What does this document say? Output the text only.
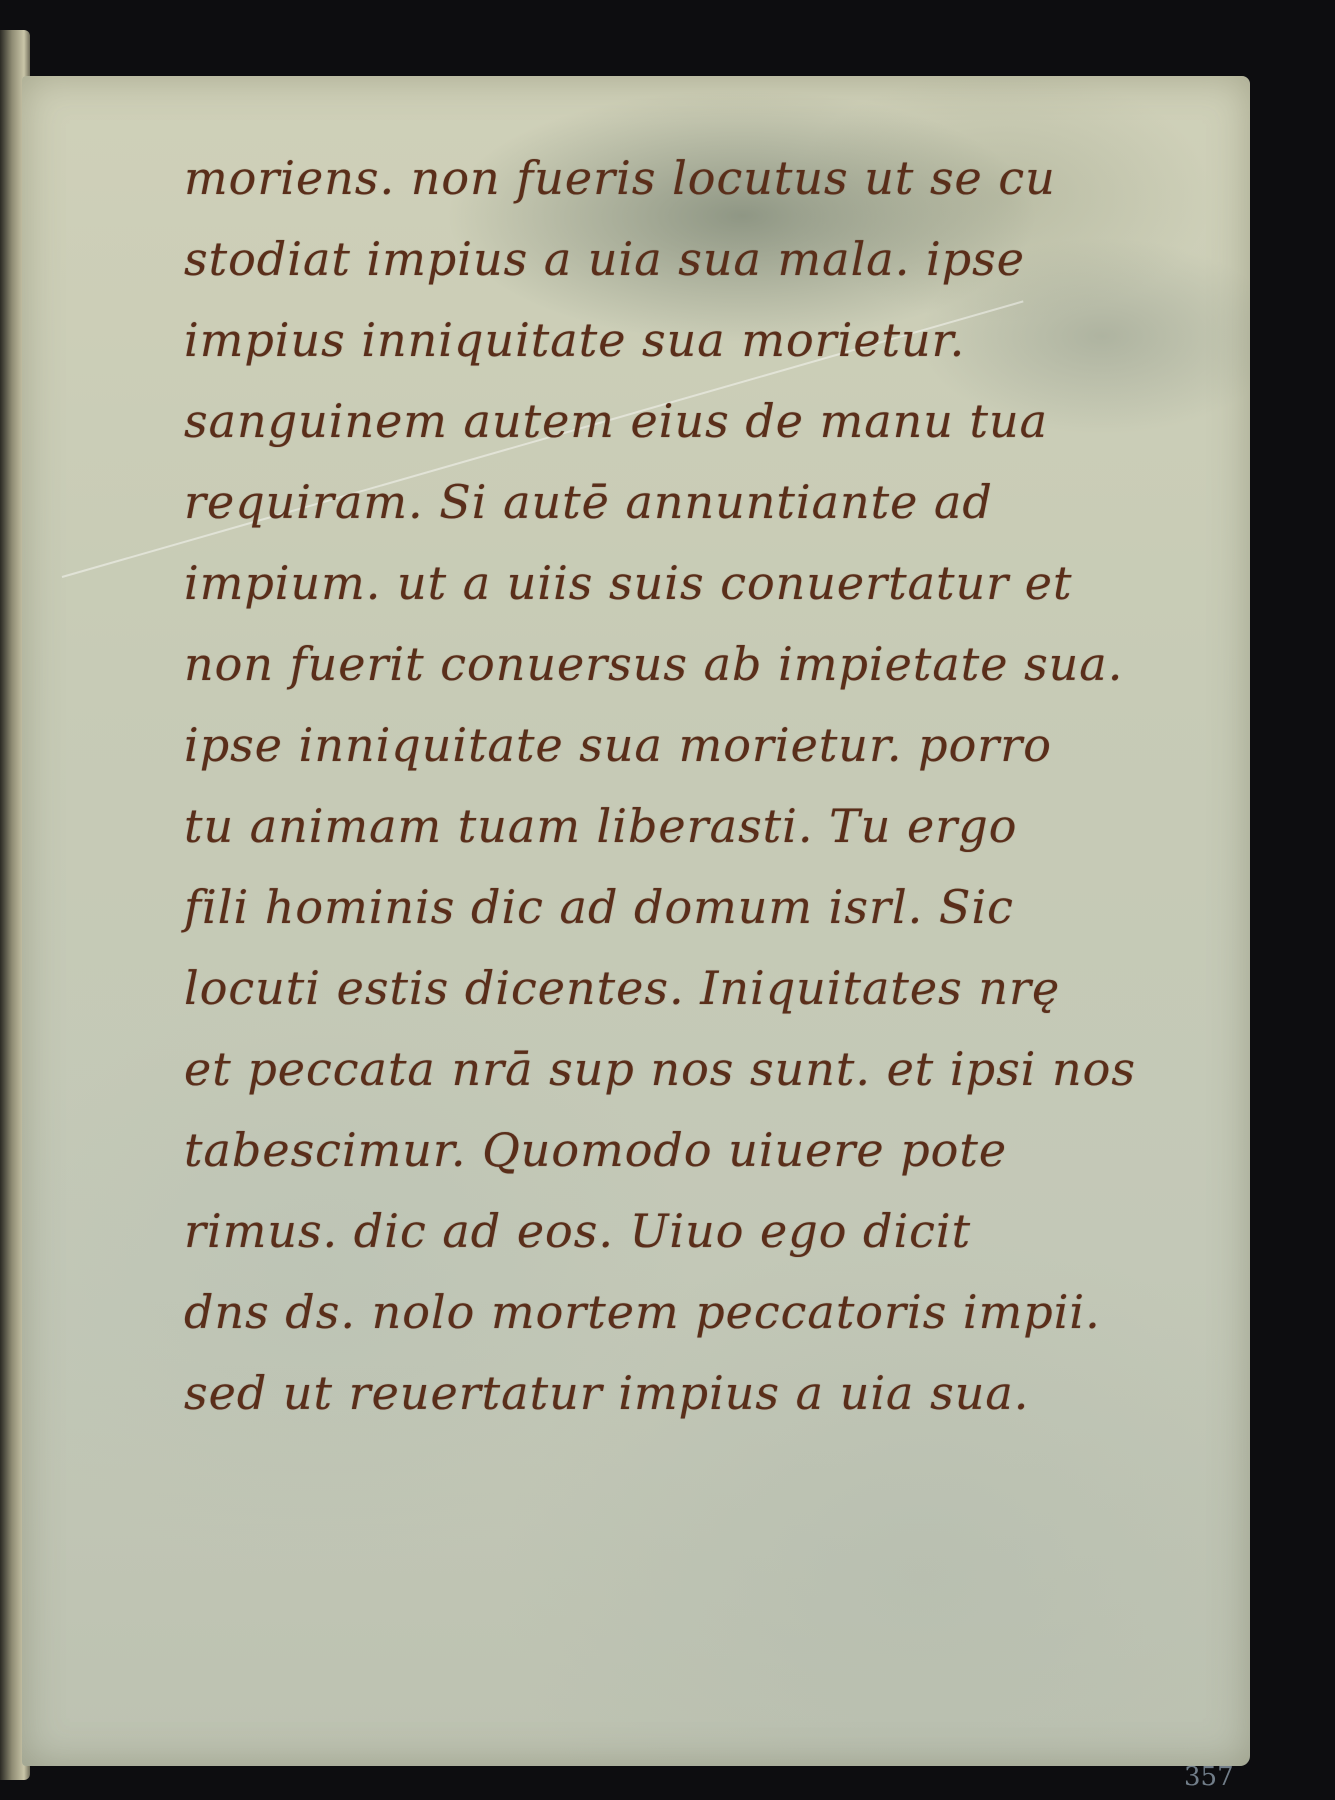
moriens. non fueris locutus ut se cu
stodiat impius a uia sua mala. ipse
impius inniquitate sua morietur.
sanguinem autem eius de manu tua
requiram. Si autē annuntiante ad
impium. ut a uiis suis conuertatur et
non fuerit conuersus ab impietate sua.
ipse inniquitate sua morietur. porro
tu animam tuam liberasti. Tu ergo
fili hominis dic ad domum isrl. Sic
locuti estis dicentes. Iniquitates nrę
et peccata nrā sup nos sunt. et ipsi nos
tabescimur. Quomodo uiuere pote
rimus. dic ad eos. Uiuo ego dicit
dns ds. nolo mortem peccatoris impii.
sed ut reuertatur impius a uia sua.
357
